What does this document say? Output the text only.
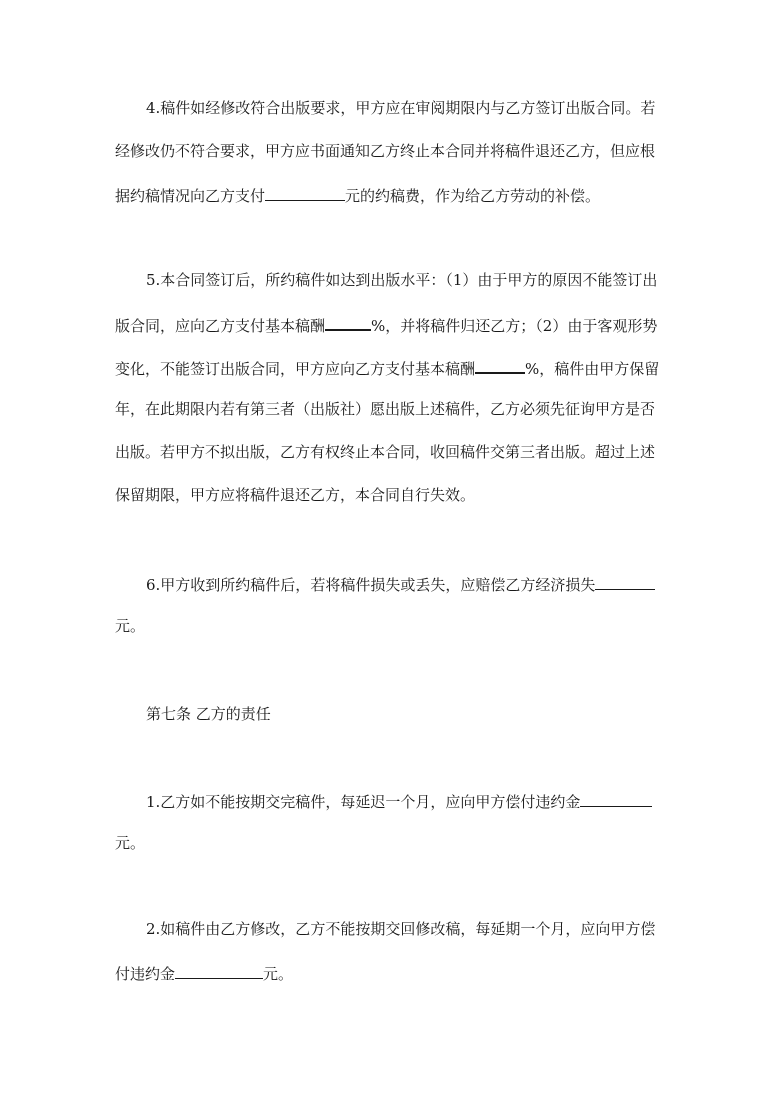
4.稿件如经修改符合出版要求，甲方应在审阅期限内与乙方签订出版合同。若

经修改仍不符合要求，甲方应书面通知乙方终止本合同并将稿件退还乙方，但应根

据约稿情况向乙方支付	元的约稿费，作为给乙方劳动的补偿。

5.本合同签订后，所约稿件如达到出版水平：（1）由于甲方的原因不能签订出

版合同，应向乙方支付基本稿酬	%，并将稿件归还乙方；（2）由于客观形势

变化，不能签订出版合同，甲方应向乙方支付基本稿酬	%，稿件由甲方保留

年，在此期限内若有第三者（出版社）愿出版上述稿件，乙方必须先征询甲方是否

出版。若甲方不拟出版，乙方有权终止本合同，收回稿件交第三者出版。超过上述

保留期限，甲方应将稿件退还乙方，本合同自行失效。

6.甲方收到所约稿件后，若将稿件损失或丢失，应赔偿乙方经济损失

元。

第七条 乙方的责任

1.乙方如不能按期交完稿件，每延迟一个月，应向甲方偿付违约金

元。

2.如稿件由乙方修改，乙方不能按期交回修改稿，每延期一个月，应向甲方偿

付违约金	元。
